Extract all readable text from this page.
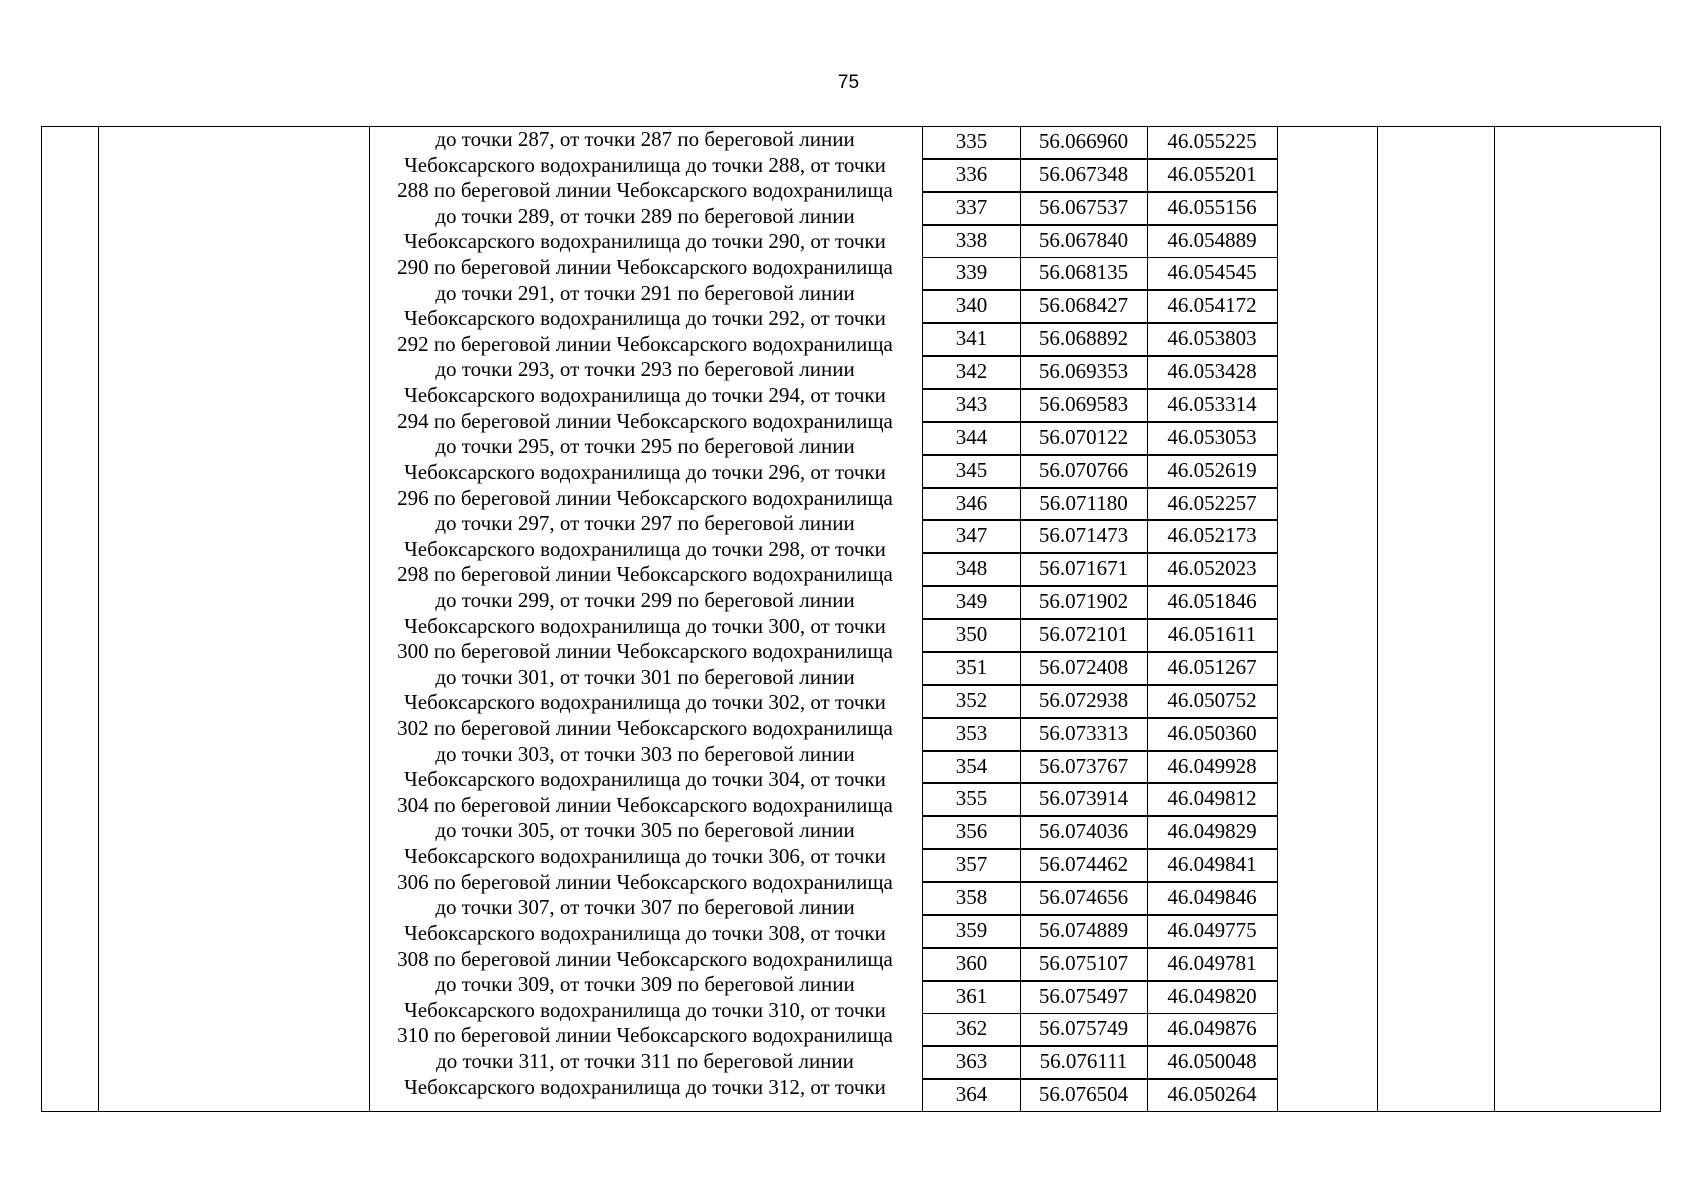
75
до точки 287, от точки 287 по береговой линии
Чебоксарского водохранилища до точки 288, от точки
288 по береговой линии Чебоксарского водохранилища
до точки 289, от точки 289 по береговой линии
Чебоксарского водохранилища до точки 290, от точки
290 по береговой линии Чебоксарского водохранилища
до точки 291, от точки 291 по береговой линии
Чебоксарского водохранилища до точки 292, от точки
292 по береговой линии Чебоксарского водохранилища
до точки 293, от точки 293 по береговой линии
Чебоксарского водохранилища до точки 294, от точки
294 по береговой линии Чебоксарского водохранилища
до точки 295, от точки 295 по береговой линии
Чебоксарского водохранилища до точки 296, от точки
296 по береговой линии Чебоксарского водохранилища
до точки 297, от точки 297 по береговой линии
Чебоксарского водохранилища до точки 298, от точки
298 по береговой линии Чебоксарского водохранилища
до точки 299, от точки 299 по береговой линии
Чебоксарского водохранилища до точки 300, от точки
300 по береговой линии Чебоксарского водохранилища
до точки 301, от точки 301 по береговой линии
Чебоксарского водохранилища до точки 302, от точки
302 по береговой линии Чебоксарского водохранилища
до точки 303, от точки 303 по береговой линии
Чебоксарского водохранилища до точки 304, от точки
304 по береговой линии Чебоксарского водохранилища
до точки 305, от точки 305 по береговой линии
Чебоксарского водохранилища до точки 306, от точки
306 по береговой линии Чебоксарского водохранилища
до точки 307, от точки 307 по береговой линии
Чебоксарского водохранилища до точки 308, от точки
308 по береговой линии Чебоксарского водохранилища
до точки 309, от точки 309 по береговой линии
Чебоксарского водохранилища до точки 310, от точки
310 по береговой линии Чебоксарского водохранилища
до точки 311, от точки 311 по береговой линии
Чебоксарского водохранилища до точки 312, от точки
335	56.066960	46.055225
336	56.067348	46.055201
337	56.067537	46.055156
338	56.067840	46.054889
339	56.068135	46.054545
340	56.068427	46.054172
341	56.068892	46.053803
342	56.069353	46.053428
343	56.069583	46.053314
344	56.070122	46.053053
345	56.070766	46.052619
346	56.071180	46.052257
347	56.071473	46.052173
348	56.071671	46.052023
349	56.071902	46.051846
350	56.072101	46.051611
351	56.072408	46.051267
352	56.072938	46.050752
353	56.073313	46.050360
354	56.073767	46.049928
355	56.073914	46.049812
356	56.074036	46.049829
357	56.074462	46.049841
358	56.074656	46.049846
359	56.074889	46.049775
360	56.075107	46.049781
361	56.075497	46.049820
362	56.075749	46.049876
363	56.076111	46.050048
364	56.076504	46.050264
